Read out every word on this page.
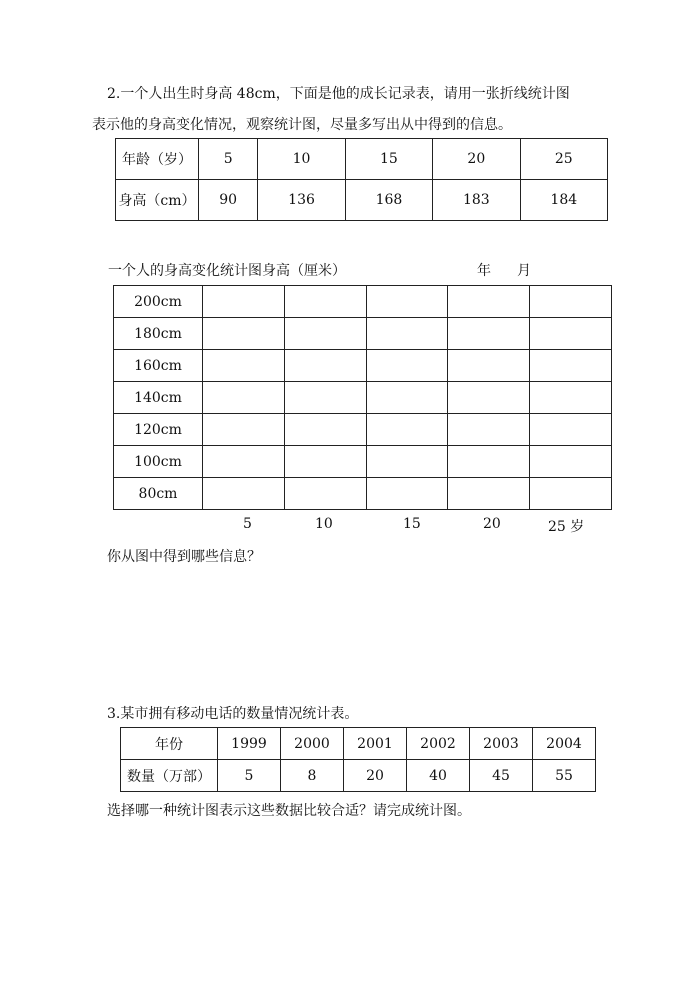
2.一个人出生时身高 48cm，下面是他的成长记录表，请用一张折线统计图
表示他的身高变化情况，观察统计图，尽量多写出从中得到的信息。
年龄（岁）	5	10	15	20	25
身高（cm）	90	136	168	183	184
一个人的身高变化统计图身高（厘米）	年 月
200cm					
180cm					
160cm					
140cm					
120cm					
100cm					
80cm					
5	10	15	20	25 岁
你从图中得到哪些信息？
3.某市拥有移动电话的数量情况统计表。
年份	1999	2000	2001	2002	2003	2004
数量（万部）	5	8	20	40	45	55
选择哪一种统计图表示这些数据比较合适？请完成统计图。
